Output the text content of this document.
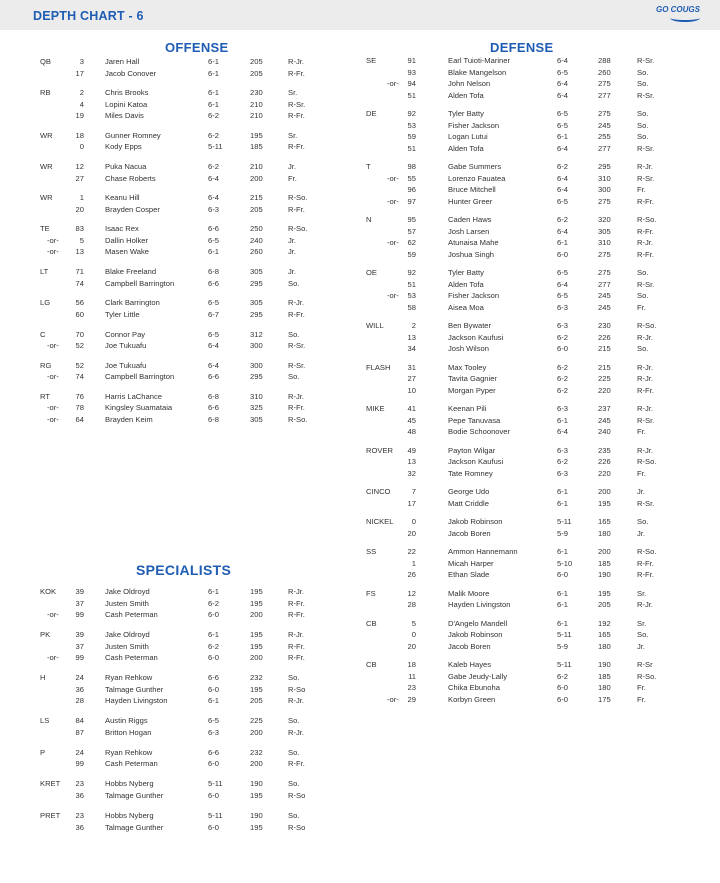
DEPTH CHART - 6	GO COUGS
OFFENSE	DEFENSE
SPECIALISTS
QB	3	Jaren Hall	6-1	205	R-Jr.
17	Jacob Conover	6-1	205	R-Fr.
RB	2	Chris Brooks	6-1	230	Sr.
4	Lopini Katoa	6-1	210	R-Sr.
19	Miles Davis	6-2	210	R-Fr.
WR	18	Gunner Romney	6-2	195	Sr.
0	Kody Epps	5-11	185	R-Fr.
WR	12	Puka Nacua	6-2	210	Jr.
27	Chase Roberts	6-4	200	Fr.
WR	1	Keanu Hill	6-4	215	R-So.
20	Brayden Cosper	6-3	205	R-Fr.
TE	83	Isaac Rex	6-6	250	R-So.
-or-	5	Dallin Holker	6-5	240	Jr.
-or-	13	Masen Wake	6-1	260	Jr.
LT	71	Blake Freeland	6-8	305	Jr.
74	Campbell Barrington	6-6	295	So.
LG	56	Clark Barrington	6-5	305	R-Jr.
60	Tyler Little	6-7	295	R-Fr.
C	70	Connor Pay	6-5	312	So.
-or-	52	Joe Tukuafu	6-4	300	R-Sr.
RG	52	Joe Tukuafu	6-4	300	R-Sr.
-or-	74	Campbell Barrington	6-6	295	So.
RT	76	Harris LaChance	6-8	310	R-Jr.
-or-	78	Kingsley Suamataia	6-6	325	R-Fr.
-or-	64	Brayden Keim	6-8	305	R-So.
KOK	39	Jake Oldroyd	6-1	195	R-Jr.
37	Justen Smith	6-2	195	R-Fr.
-or-	99	Cash Peterman	6-0	200	R-Fr.
PK	39	Jake Oldroyd	6-1	195	R-Jr.
37	Justen Smith	6-2	195	R-Fr.
-or-	99	Cash Peterman	6-0	200	R-Fr.
H	24	Ryan Rehkow	6-6	232	So.
36	Talmage Gunther	6-0	195	R-So
28	Hayden Livingston	6-1	205	R-Jr.
LS	84	Austin Riggs	6-5	225	So.
87	Britton Hogan	6-3	200	R-Jr.
P	24	Ryan Rehkow	6-6	232	So.
99	Cash Peterman	6-0	200	R-Fr.
KRET	23	Hobbs Nyberg	5-11	190	So.
36	Talmage Gunther	6-0	195	R-So
PRET	23	Hobbs Nyberg	5-11	190	So.
36	Talmage Gunther	6-0	195	R-So
SE	91	Earl Tuioti-Mariner	6-4	288	R-Sr.
93	Blake Mangelson	6-5	260	So.
-or-	94	John Nelson	6-4	275	So.
51	Alden Tofa	6-4	277	R-Sr.
DE	92	Tyler Batty	6-5	275	So.
53	Fisher Jackson	6-5	245	So.
59	Logan Lutui	6-1	255	So.
51	Alden Tofa	6-4	277	R-Sr.
T	98	Gabe Summers	6-2	295	R-Jr.
-or-	55	Lorenzo Fauatea	6-4	310	R-Sr.
96	Bruce Mitchell	6-4	300	Fr.
-or-	97	Hunter Greer	6-5	275	R-Fr.
N	95	Caden Haws	6-2	320	R-So.
57	Josh Larsen	6-4	305	R-Fr.
-or-	62	Atunaisa Mahe	6-1	310	R-Jr.
59	Joshua Singh	6-0	275	R-Fr.
OE	92	Tyler Batty	6-5	275	So.
51	Alden Tofa	6-4	277	R-Sr.
-or-	53	Fisher Jackson	6-5	245	So.
58	Aisea Moa	6-3	245	Fr.
WILL	2	Ben Bywater	6-3	230	R-So.
13	Jackson Kaufusi	6-2	226	R-Jr.
34	Josh Wilson	6-0	215	So.
FLASH	31	Max Tooley	6-2	215	R-Jr.
27	Tavita Gagnier	6-2	225	R-Jr.
10	Morgan Pyper	6-2	220	R-Fr.
MIKE	41	Keenan Pili	6-3	237	R-Jr.
45	Pepe Tanuvasa	6-1	245	R-Sr.
48	Bodie Schoonover	6-4	240	Fr.
ROVER	49	Payton Wilgar	6-3	235	R-Jr.
13	Jackson Kaufusi	6-2	226	R-So.
32	Tate Romney	6-3	220	Fr.
CINCO	7	George Udo	6-1	200	Jr.
17	Matt Criddle	6-1	195	R-Sr.
NICKEL	0	Jakob Robinson	5-11	165	So.
20	Jacob Boren	5-9	180	Jr.
SS	22	Ammon Hannemann	6-1	200	R-So.
1	Micah Harper	5-10	185	R-Fr.
26	Ethan Slade	6-0	190	R-Fr.
FS	12	Malik Moore	6-1	195	Sr.
28	Hayden Livingston	6-1	205	R-Jr.
CB	5	D'Angelo Mandell	6-1	192	Sr.
0	Jakob Robinson	5-11	165	So.
20	Jacob Boren	5-9	180	Jr.
CB	18	Kaleb Hayes	5-11	190	R-Sr
11	Gabe Jeudy-Lally	6-2	185	R-So.
23	Chika Ebunoha	6-0	180	Fr.
-or-	29	Korbyn Green	6-0	175	Fr.
